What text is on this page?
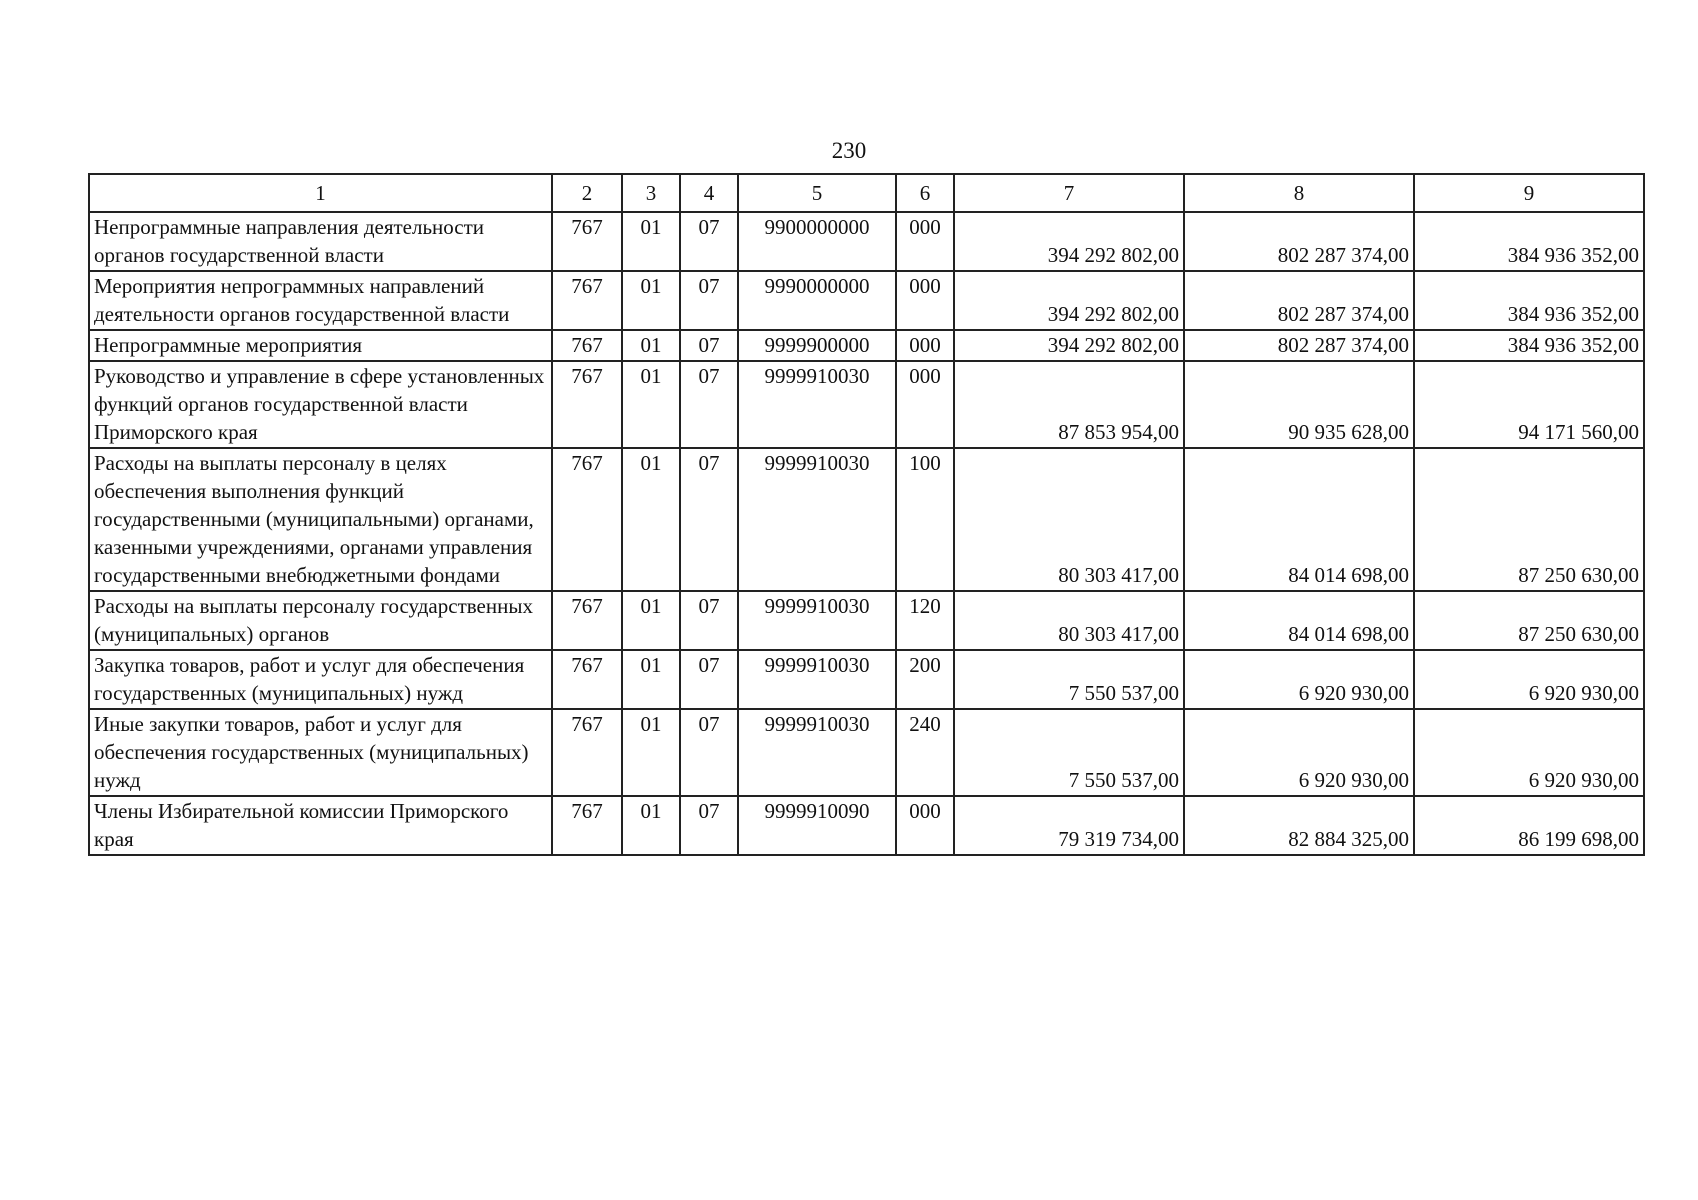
230
1	2	3	4	5	6	7	8	9
Непрограммные направления деятельности органов государственной власти	767	01	07	9900000000	000	394 292 802,00	802 287 374,00	384 936 352,00
Мероприятия непрограммных направлений деятельности органов государственной власти	767	01	07	9990000000	000	394 292 802,00	802 287 374,00	384 936 352,00
Непрограммные мероприятия	767	01	07	9999900000	000	394 292 802,00	802 287 374,00	384 936 352,00
Руководство и управление в сфере установленных функций органов государственной власти Приморского края	767	01	07	9999910030	000	87 853 954,00	90 935 628,00	94 171 560,00
Расходы на выплаты персоналу в целях обеспечения выполнения функций государственными (муниципальными) органами, казенными учреждениями, органами управления государственными внебюджетными фондами	767	01	07	9999910030	100	80 303 417,00	84 014 698,00	87 250 630,00
Расходы на выплаты персоналу государственных (муниципальных) органов	767	01	07	9999910030	120	80 303 417,00	84 014 698,00	87 250 630,00
Закупка товаров, работ и услуг для обеспечения государственных (муниципальных) нужд	767	01	07	9999910030	200	7 550 537,00	6 920 930,00	6 920 930,00
Иные закупки товаров, работ и услуг для обеспечения государственных (муниципальных) нужд	767	01	07	9999910030	240	7 550 537,00	6 920 930,00	6 920 930,00
Члены Избирательной комиссии Приморского края	767	01	07	9999910090	000	79 319 734,00	82 884 325,00	86 199 698,00
